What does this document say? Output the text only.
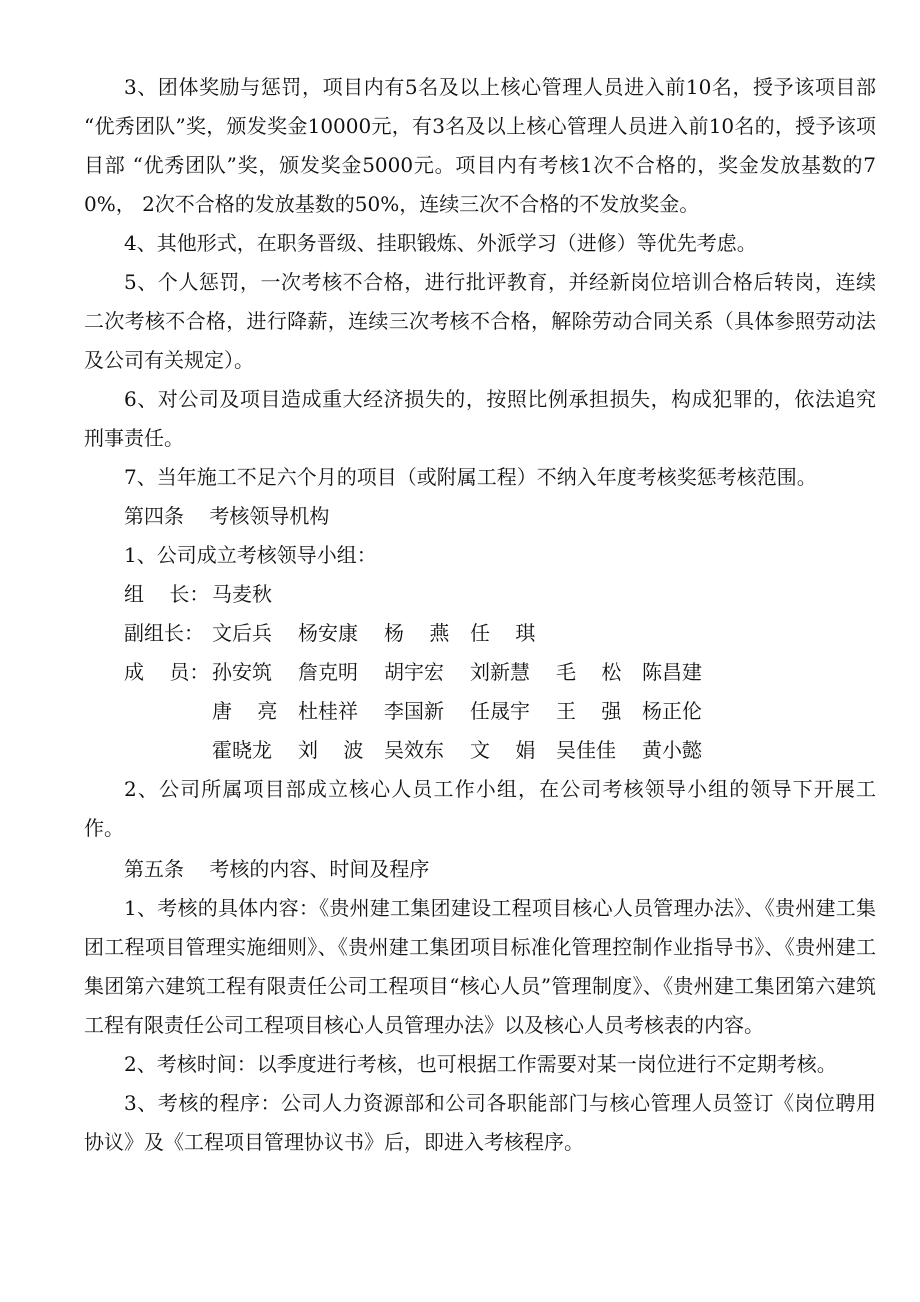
3、团体奖励与惩罚，项目内有5名及以上核心管理人员进入前10名，授予该项目部 “优秀团队”奖，颁发奖金10000元，有3名及以上核心管理人员进入前10名的，授予该项目部 “优秀团队”奖，颁发奖金5000元。项目内有考核1次不合格的，奖金发放基数的70%， 2次不合格的发放基数的50%，连续三次不合格的不发放奖金。

4、其他形式，在职务晋级、挂职锻炼、外派学习（进修）等优先考虑。

5、个人惩罚，一次考核不合格，进行批评教育，并经新岗位培训合格后转岗，连续二次考核不合格，进行降薪，连续三次考核不合格，解除劳动合同关系（具体参照劳动法及公司有关规定）。

6、对公司及项目造成重大经济损失的，按照比例承担损失，构成犯罪的，依法追究刑事责任。

7、当年施工不足六个月的项目（或附属工程）不纳入年度考核奖惩考核范围。

第四条    考核领导机构

1、公司成立考核领导小组：

组    长： 马麦秋
副组长： 文后兵 杨安康 杨    燕 任    琪
成    员： 孙安筑 詹克明 胡宇宏 刘新慧 毛    松 陈昌建
唐    亮 杜桂祥 李国新 任晟宇 王    强 杨正伦
霍晓龙 刘    波 吴效东 文    娟 吴佳佳 黄小懿

2、公司所属项目部成立核心人员工作小组，在公司考核领导小组的领导下开展工作。

第五条    考核的内容、时间及程序

1、考核的具体内容：《贵州建工集团建设工程项目核心人员管理办法》、《贵州建工集团工程项目管理实施细则》、《贵州建工集团项目标准化管理控制作业指导书》、《贵州建工集团第六建筑工程有限责任公司工程项目“核心人员”管理制度》、《贵州建工集团第六建筑工程有限责任公司工程项目核心人员管理办法》以及核心人员考核表的内容。

2、考核时间：以季度进行考核，也可根据工作需要对某一岗位进行不定期考核。

3、考核的程序：公司人力资源部和公司各职能部门与核心管理人员签订《岗位聘用协议》及《工程项目管理协议书》后，即进入考核程序。
